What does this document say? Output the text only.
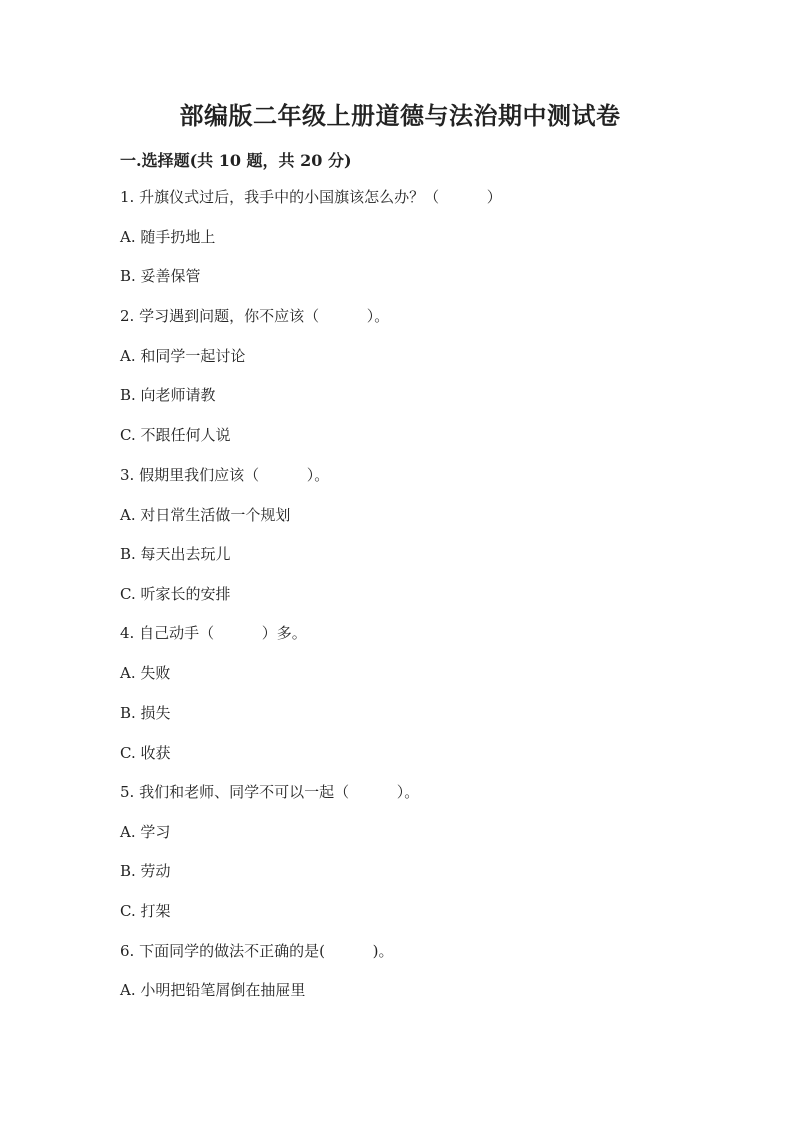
部编版二年级上册道德与法治期中测试卷
一.选择题(共 10 题，共 20 分)

1. 升旗仪式过后，我手中的小国旗该怎么办？（          ）

A. 随手扔地上

B. 妥善保管

2. 学习遇到问题，你不应该（          ）。

A. 和同学一起讨论

B. 向老师请教

C. 不跟任何人说

3. 假期里我们应该（          ）。

A. 对日常生活做一个规划

B. 每天出去玩儿

C. 听家长的安排

4. 自己动手（          ）多。

A. 失败

B. 损失

C. 收获

5. 我们和老师、同学不可以一起（          ）。

A. 学习

B. 劳动

C. 打架

6. 下面同学的做法不正确的是(          )。

A. 小明把铅笔屑倒在抽屉里
